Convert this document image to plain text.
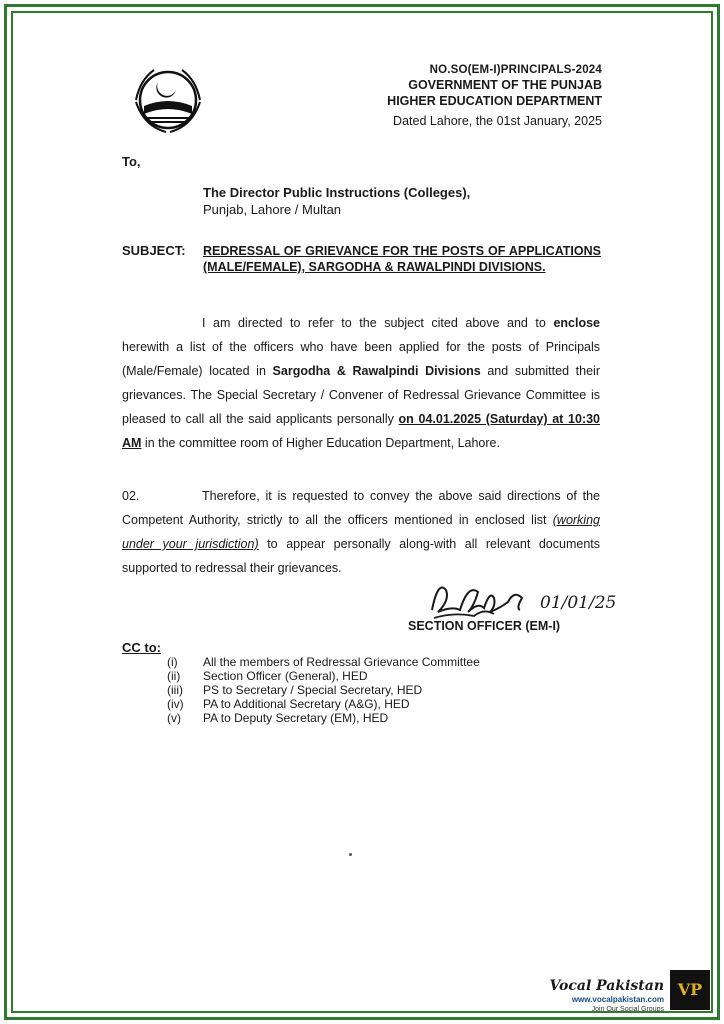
NO.SO(EM-I)PRINCIPALS-2024
GOVERNMENT OF THE PUNJAB
HIGHER EDUCATION DEPARTMENT
Dated Lahore, the 01st January, 2025
To,
The Director Public Instructions (Colleges),
Punjab, Lahore / Multan
SUBJECT: REDRESSAL OF GRIEVANCE FOR THE POSTS OF APPLICATIONS (MALE/FEMALE), SARGODHA & RAWALPINDI DIVISIONS.
I am directed to refer to the subject cited above and to enclose herewith a list of the officers who have been applied for the posts of Principals (Male/Female) located in Sargodha & Rawalpindi Divisions and submitted their grievances. The Special Secretary / Convener of Redressal Grievance Committee is pleased to call all the said applicants personally on 04.01.2025 (Saturday) at 10:30 AM in the committee room of Higher Education Department, Lahore.
02.	Therefore, it is requested to convey the above said directions of the Competent Authority, strictly to all the officers mentioned in enclosed list (working under your jurisdiction) to appear personally along-with all relevant documents supported to redressal their grievances.
01/01/25
SECTION OFFICER (EM-I)
CC to:
(i)	All the members of Redressal Grievance Committee
(ii)	Section Officer (General), HED
(iii)	PS to Secretary / Special Secretary, HED
(iv)	PA to Additional Secretary (A&G), HED
(v)	PA to Deputy Secretary (EM), HED
Vocal Pakistan
www.vocalpakistan.com
Join Our Social Groups
VP
